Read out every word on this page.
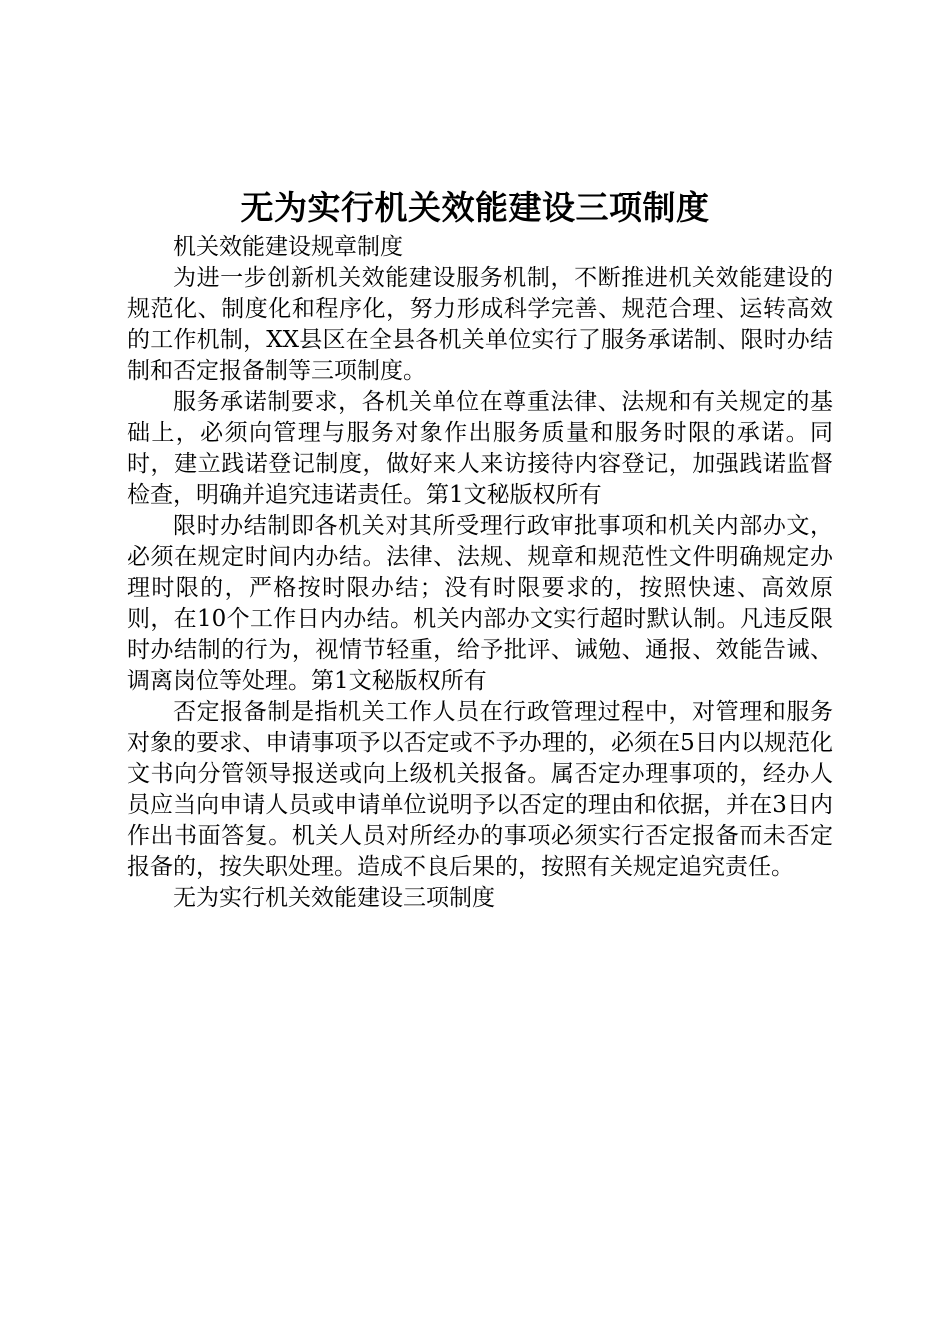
无为实行机关效能建设三项制度

机关效能建设规章制度

为进一步创新机关效能建设服务机制，不断推进机关效能建设的规范化、制度化和程序化，努力形成科学完善、规范合理、运转高效的工作机制，XX县区在全县各机关单位实行了服务承诺制、限时办结制和否定报备制等三项制度。

服务承诺制要求，各机关单位在尊重法律、法规和有关规定的基础上，必须向管理与服务对象作出服务质量和服务时限的承诺。同时，建立践诺登记制度，做好来人来访接待内容登记，加强践诺监督检查，明确并追究违诺责任。第1文秘版权所有

限时办结制即各机关对其所受理行政审批事项和机关内部办文，必须在规定时间内办结。法律、法规、规章和规范性文件明确规定办理时限的，严格按时限办结；没有时限要求的，按照快速、高效原则，在10个工作日内办结。机关内部办文实行超时默认制。凡违反限时办结制的行为，视情节轻重，给予批评、诫勉、通报、效能告诫、调离岗位等处理。第1文秘版权所有

否定报备制是指机关工作人员在行政管理过程中，对管理和服务对象的要求、申请事项予以否定或不予办理的，必须在5日内以规范化文书向分管领导报送或向上级机关报备。属否定办理事项的，经办人员应当向申请人员或申请单位说明予以否定的理由和依据，并在3日内作出书面答复。机关人员对所经办的事项必须实行否定报备而未否定报备的，按失职处理。造成不良后果的，按照有关规定追究责任。

无为实行机关效能建设三项制度
